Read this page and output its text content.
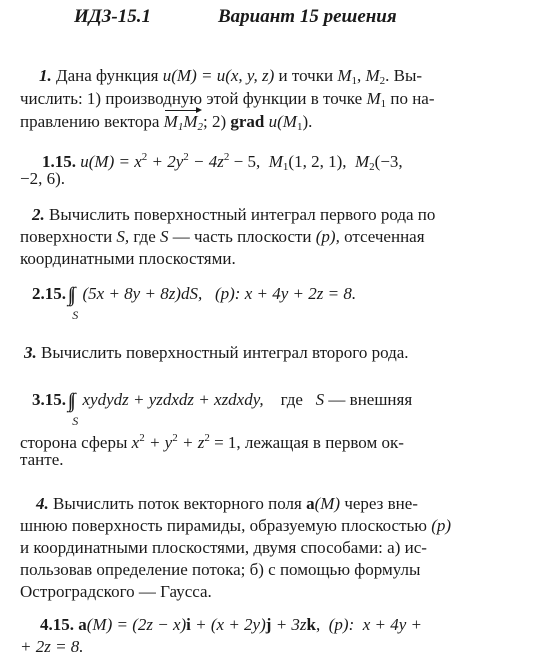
ИДЗ-15.1	Вариант 15 решения
1. Дана функция u(M) = u(x, y, z) и точки $M_1$, $M_2$. Вы-
числить: 1) производную этой функции в точке $M_1$ по на-
правлению вектора $M_1M_2$; 2) grad $u(M_1)$.
1.15. $u(M) = x^2 + 2y^2 - 4z^2 - 5$, $M_1(1$, 2, 1), $M_2(-3$,
−2, 6).
2. Вычислить поверхностный интеграл первого рода по
поверхности S, где S — часть плоскости (p), отсеченная
координатными плоскостями.
2.15.
S
(5x + 8y + 8z)dS, (p): x + 4y + 2z = 8.
3. Вычислить поверхностный интеграл второго рода.
3.15.
S
xydydz + yzdxdz + xzdxdy, где S — внешняя
сторона сферы $x^2 + y^2 + z^2 = 1$, лежащая в первом ок-
танте.
4. Вычислить поток векторного поля a(M) через вне-
шнюю поверхность пирамиды, образуемую плоскостью (p)
и координатными плоскостями, двумя способами: а) ис-
пользовав определение потока; б) с помощью формулы
Остроградского — Гаусса.
4.15. a(M) = (2z − x)i + (x + 2y)j + 3zk, (p): x + 4y +
+ 2z = 8.
